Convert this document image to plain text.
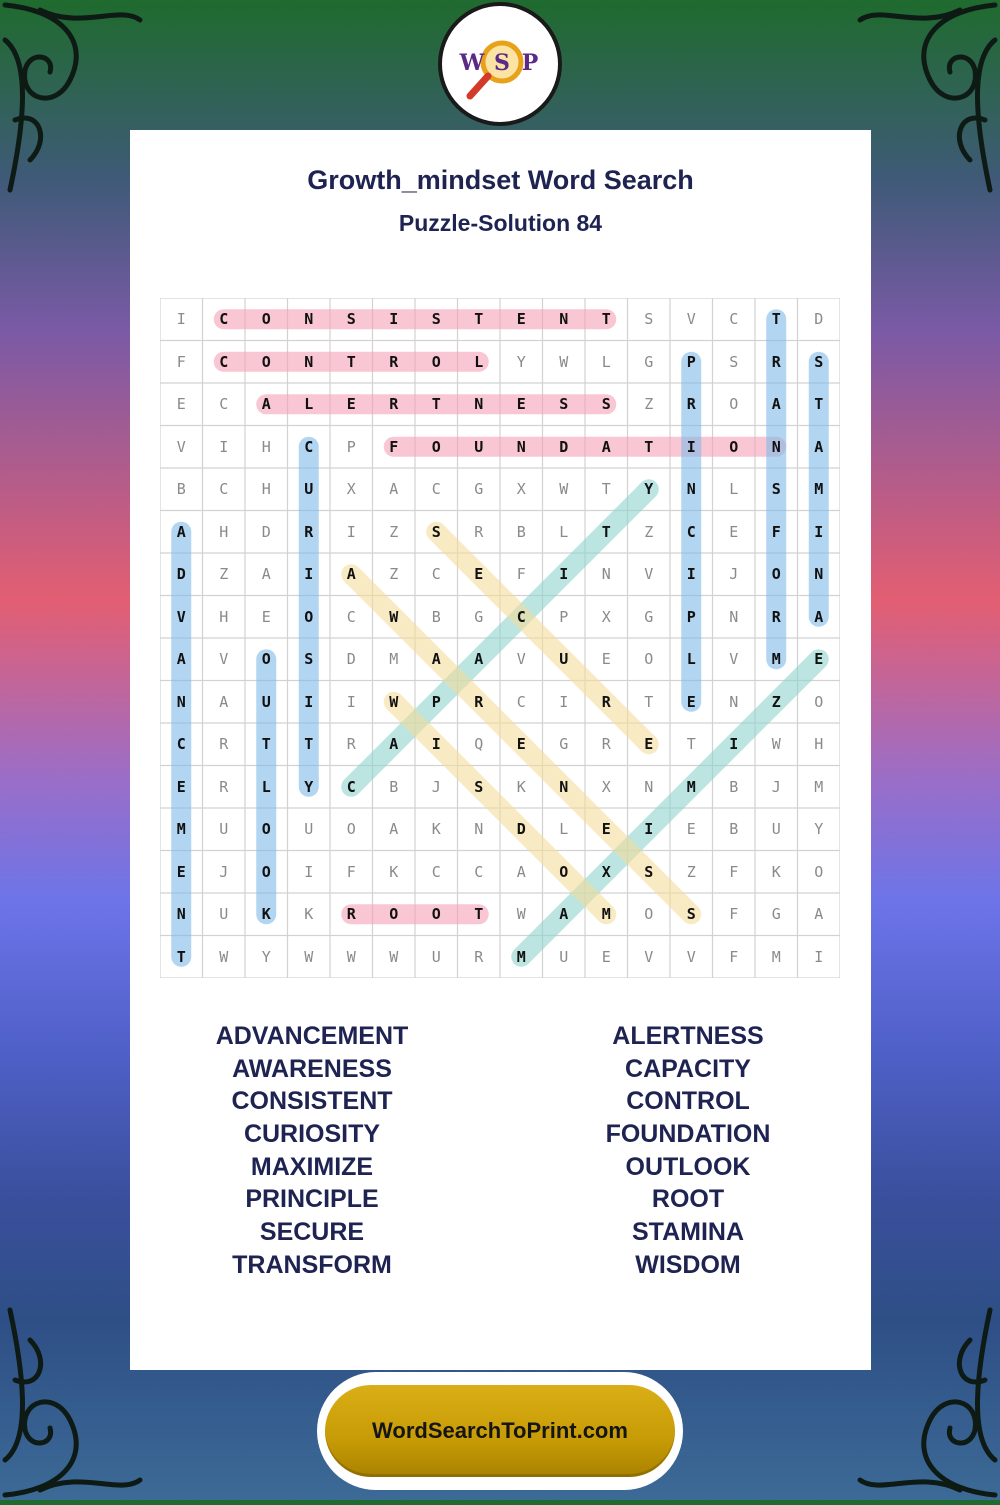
W S P
Growth_mindset Word Search
Puzzle-Solution 84
I	C	O	N	S	I	S	T	E	N	T	S	V	C	T	D
F	C	O	N	T	R	O	L	Y	W	L	G	P	S	R	S
E	C	A	L	E	R	T	N	E	S	S	Z	R	O	A	T
V	I	H	C	P	F	O	U	N	D	A	T	I	O	N	A
B	C	H	U	X	A	C	G	X	W	T	Y	N	L	S	M
A	H	D	R	I	Z	S	R	B	L	T	Z	C	E	F	I
D	Z	A	I	A	Z	C	E	F	I	N	V	I	J	O	N
V	H	E	O	C	W	B	G	C	P	X	G	P	N	R	A
A	V	O	S	D	M	A	A	V	U	E	O	L	V	M	E
N	A	U	I	I	W	P	R	C	I	R	T	E	N	Z	O
C	R	T	T	R	A	I	Q	E	G	R	E	T	I	W	H
E	R	L	Y	C	B	J	S	K	N	X	N	M	B	J	M
M	U	O	U	O	A	K	N	D	L	E	I	E	B	U	Y
E	J	O	I	F	K	C	C	A	O	X	S	Z	F	K	O
N	U	K	K	R	O	O	T	W	A	M	O	S	F	G	A
T	W	Y	W	W	W	U	R	M	U	E	V	V	F	M	I
ADVANCEMENT
AWARENESS
CONSISTENT
CURIOSITY
MAXIMIZE
PRINCIPLE
SECURE
TRANSFORM
ALERTNESS
CAPACITY
CONTROL
FOUNDATION
OUTLOOK
ROOT
STAMINA
WISDOM
WordSearchToPrint.com
